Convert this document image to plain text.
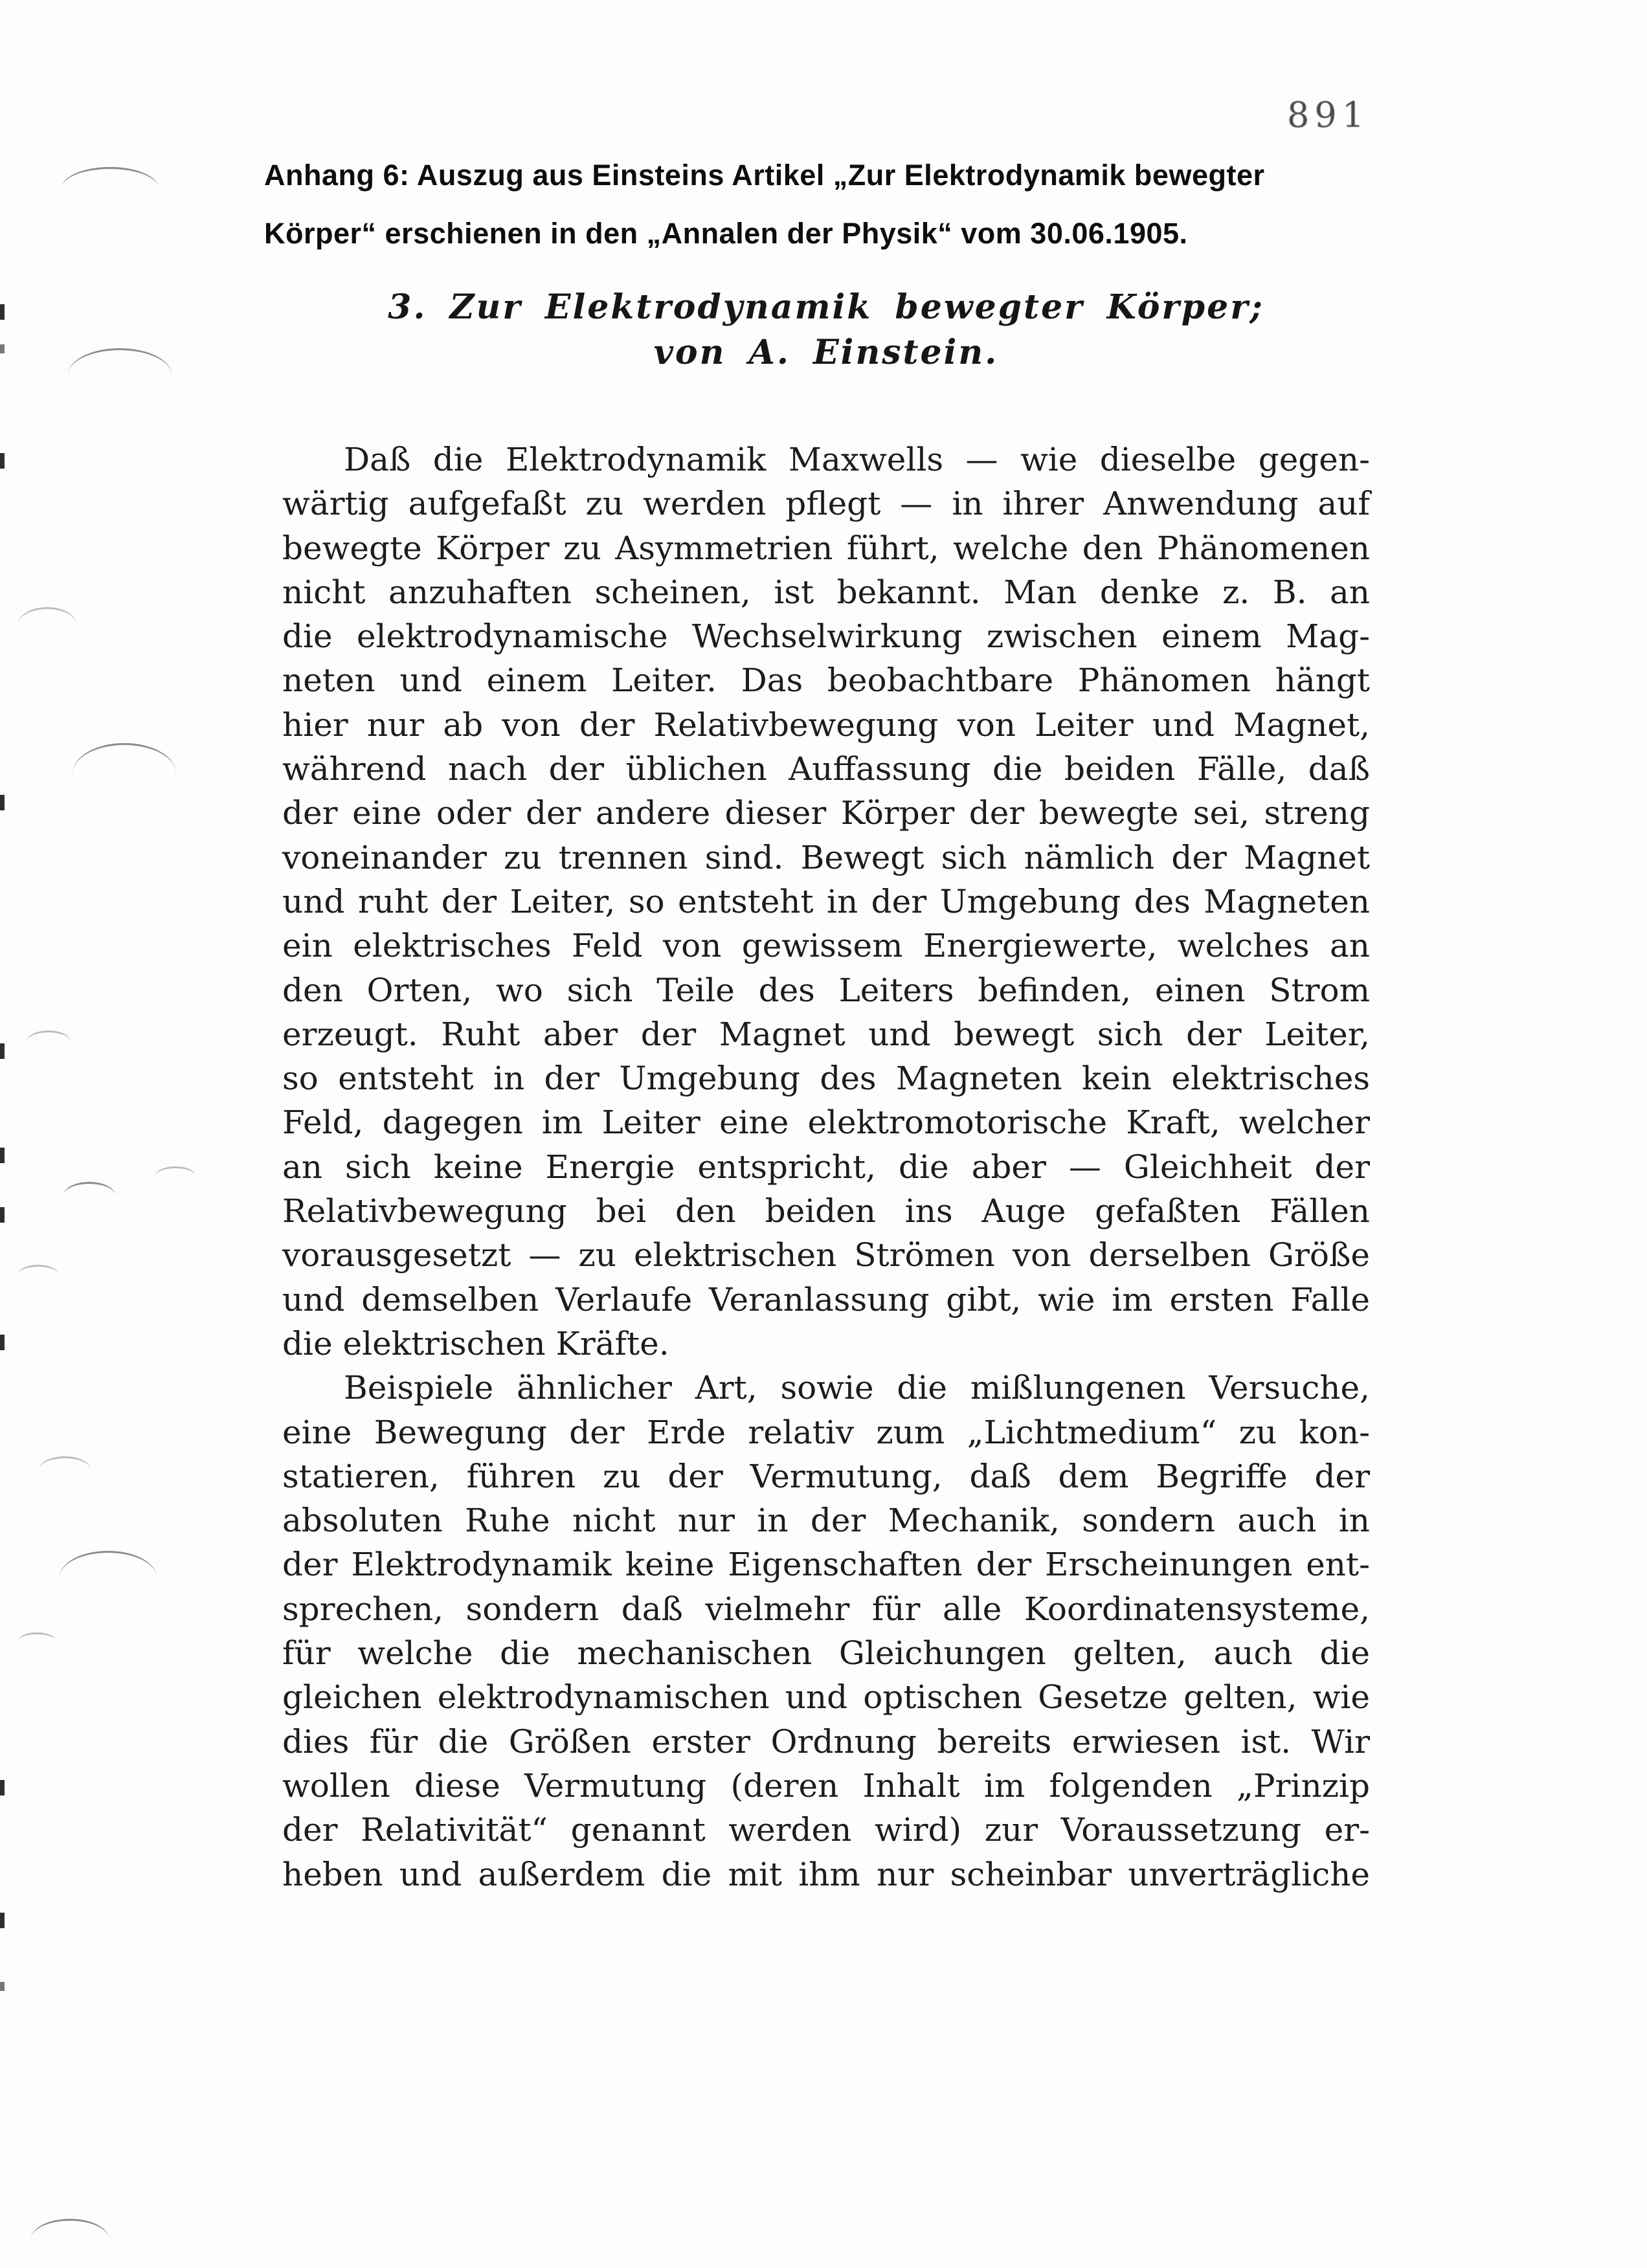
891
Anhang 6: Auszug aus Einsteins Artikel „Zur Elektrodynamik bewegter
Körper“ erschienen in den „Annalen der Physik“ vom 30.06.1905.
3. Zur Elektrodynamik bewegter Körper;
von A. Einstein.
Daß die Elektrodynamik Maxwells — wie dieselbe gegen-
wärtig aufgefaßt zu werden pflegt — in ihrer Anwendung auf
bewegte Körper zu Asymmetrien führt, welche den Phänomenen
nicht anzuhaften scheinen, ist bekannt. Man denke z. B. an
die elektrodynamische Wechselwirkung zwischen einem Mag-
neten und einem Leiter. Das beobachtbare Phänomen hängt
hier nur ab von der Relativbewegung von Leiter und Magnet,
während nach der üblichen Auffassung die beiden Fälle, daß
der eine oder der andere dieser Körper der bewegte sei, streng
voneinander zu trennen sind. Bewegt sich nämlich der Magnet
und ruht der Leiter, so entsteht in der Umgebung des Magneten
ein elektrisches Feld von gewissem Energiewerte, welches an
den Orten, wo sich Teile des Leiters befinden, einen Strom
erzeugt. Ruht aber der Magnet und bewegt sich der Leiter,
so entsteht in der Umgebung des Magneten kein elektrisches
Feld, dagegen im Leiter eine elektromotorische Kraft, welcher
an sich keine Energie entspricht, die aber — Gleichheit der
Relativbewegung bei den beiden ins Auge gefaßten Fällen
vorausgesetzt — zu elektrischen Strömen von derselben Größe
und demselben Verlaufe Veranlassung gibt, wie im ersten Falle
die elektrischen Kräfte.
Beispiele ähnlicher Art, sowie die mißlungenen Versuche,
eine Bewegung der Erde relativ zum „Lichtmedium“ zu kon-
statieren, führen zu der Vermutung, daß dem Begriffe der
absoluten Ruhe nicht nur in der Mechanik, sondern auch in
der Elektrodynamik keine Eigenschaften der Erscheinungen ent-
sprechen, sondern daß vielmehr für alle Koordinatensysteme,
für welche die mechanischen Gleichungen gelten, auch die
gleichen elektrodynamischen und optischen Gesetze gelten, wie
dies für die Größen erster Ordnung bereits erwiesen ist. Wir
wollen diese Vermutung (deren Inhalt im folgenden „Prinzip
der Relativität“ genannt werden wird) zur Voraussetzung er-
heben und außerdem die mit ihm nur scheinbar unverträgliche
